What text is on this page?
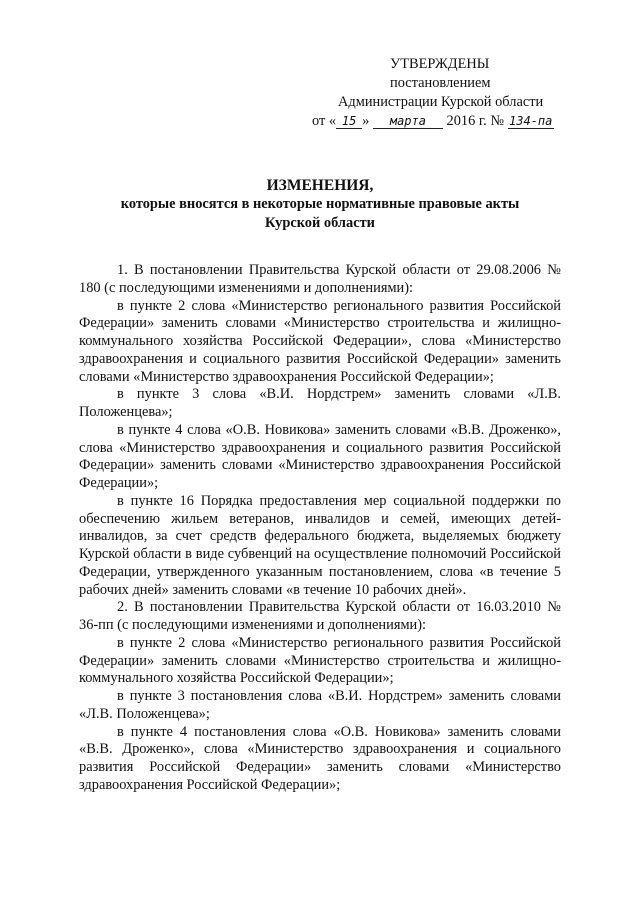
УТВЕРЖДЕНЫ
постановлением
Администрации Курской области
от « 15 » марта 2016 г. № 134-па
ИЗМЕНЕНИЯ,
которые вносятся в некоторые нормативные правовые акты
Курской области

1. В постановлении Правительства Курской области от 29.08.2006 № 180 (с последующими изменениями и дополнениями):

в пункте 2 слова «Министерство регионального развития Российской Федерации» заменить словами «Министерство строительства и жилищно-коммунального хозяйства Российской Федерации», слова «Министерство здравоохранения и социального развития Российской Федерации» заменить словами «Министерство здравоохранения Российской Федерации»;

в пункте 3 слова «В.И. Нордстрем» заменить словами «Л.В. Положенцева»;

в пункте 4 слова «О.В. Новикова» заменить словами «В.В. Дроженко», слова «Министерство здравоохранения и социального развития Российской Федерации» заменить словами «Министерство здравоохранения Российской Федерации»;

в пункте 16 Порядка предоставления мер социальной поддержки по обеспечению жильем ветеранов, инвалидов и семей, имеющих детей-инвалидов, за счет средств федерального бюджета, выделяемых бюджету Курской области в виде субвенций на осуществление полномочий Российской Федерации, утвержденного указанным постановлением, слова «в течение 5 рабочих дней» заменить словами «в течение 10 рабочих дней».

2. В постановлении Правительства Курской области от 16.03.2010 № 36-пп (с последующими изменениями и дополнениями):

в пункте 2 слова «Министерство регионального развития Российской Федерации» заменить словами «Министерство строительства и жилищно-коммунального хозяйства Российской Федерации»;

в пункте 3 постановления слова «В.И. Нордстрем» заменить словами «Л.В. Положенцева»;

в пункте 4 постановления слова «О.В. Новикова» заменить словами «В.В. Дроженко», слова «Министерство здравоохранения и социального развития Российской Федерации» заменить словами «Министерство здравоохранения Российской Федерации»;
